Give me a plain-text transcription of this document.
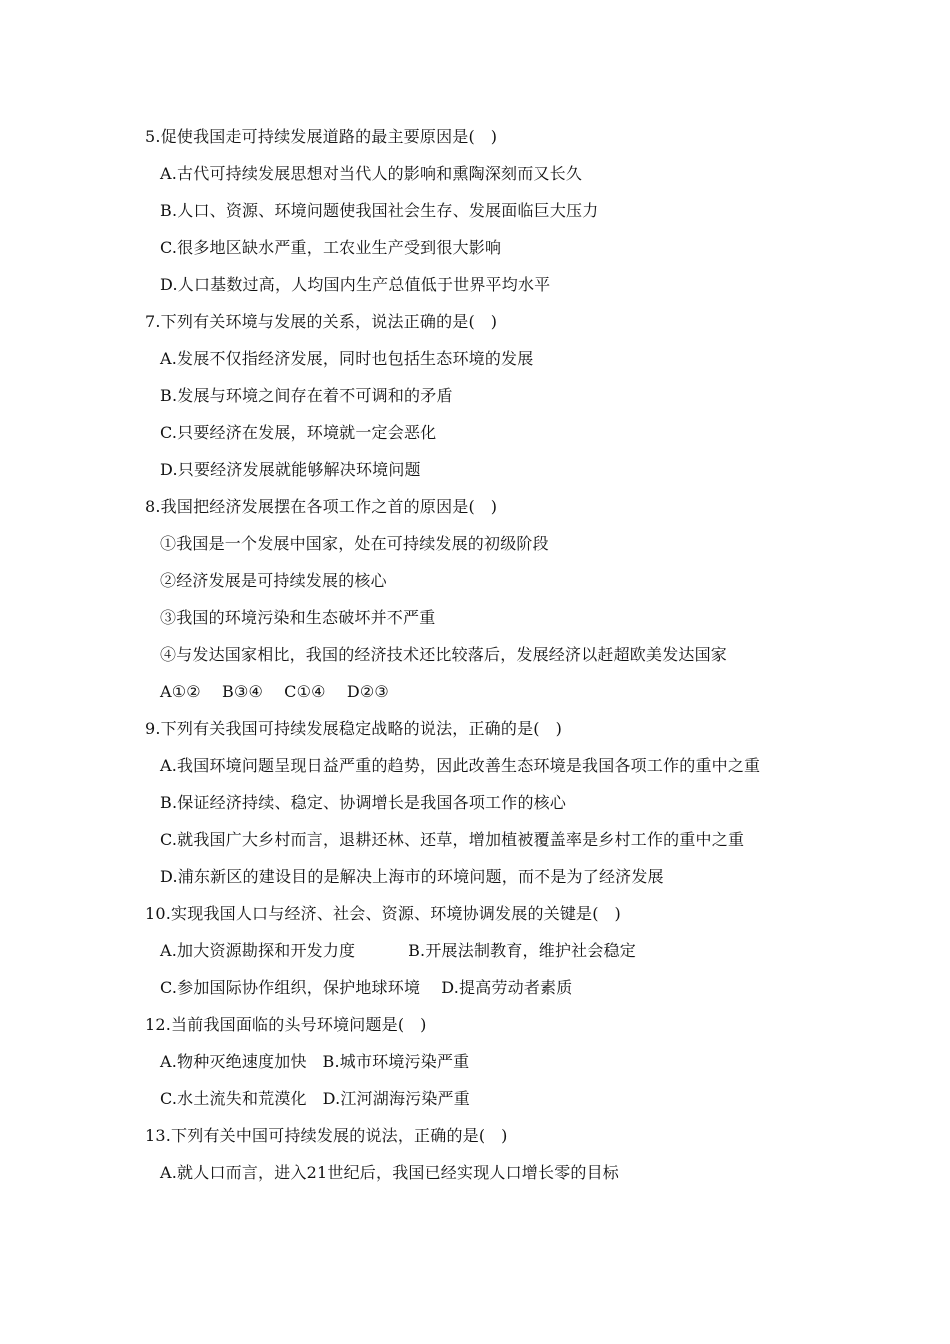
5.促使我国走可持续发展道路的最主要原因是(   )
A.古代可持续发展思想对当代人的影响和熏陶深刻而又长久
B.人口、资源、环境问题使我国社会生存、发展面临巨大压力
C.很多地区缺水严重，工农业生产受到很大影响
D.人口基数过高，人均国内生产总值低于世界平均水平
7.下列有关环境与发展的关系，说法正确的是(   )
A.发展不仅指经济发展，同时也包括生态环境的发展
B.发展与环境之间存在着不可调和的矛盾
C.只要经济在发展，环境就一定会恶化
D.只要经济发展就能够解决环境问题
8.我国把经济发展摆在各项工作之首的原因是(   )
①我国是一个发展中国家，处在可持续发展的初级阶段
②经济发展是可持续发展的核心
③我国的环境污染和生态破坏并不严重
④与发达国家相比，我国的经济技术还比较落后，发展经济以赶超欧美发达国家
A①②    B③④    C①④    D②③
9.下列有关我国可持续发展稳定战略的说法，正确的是(   )
A.我国环境问题呈现日益严重的趋势，因此改善生态环境是我国各项工作的重中之重
B.保证经济持续、稳定、协调增长是我国各项工作的核心
C.就我国广大乡村而言，退耕还林、还草，增加植被覆盖率是乡村工作的重中之重
D.浦东新区的建设目的是解决上海市的环境问题，而不是为了经济发展
10.实现我国人口与经济、社会、资源、环境协调发展的关键是(   )
A.加大资源勘探和开发力度          B.开展法制教育，维护社会稳定
C.参加国际协作组织，保护地球环境    D.提高劳动者素质
12.当前我国面临的头号环境问题是(   )
A.物种灭绝速度加快   B.城市环境污染严重
C.水土流失和荒漠化   D.江河湖海污染严重
13.下列有关中国可持续发展的说法，正确的是(   )
A.就人口而言，进入21世纪后，我国已经实现人口增长零的目标
